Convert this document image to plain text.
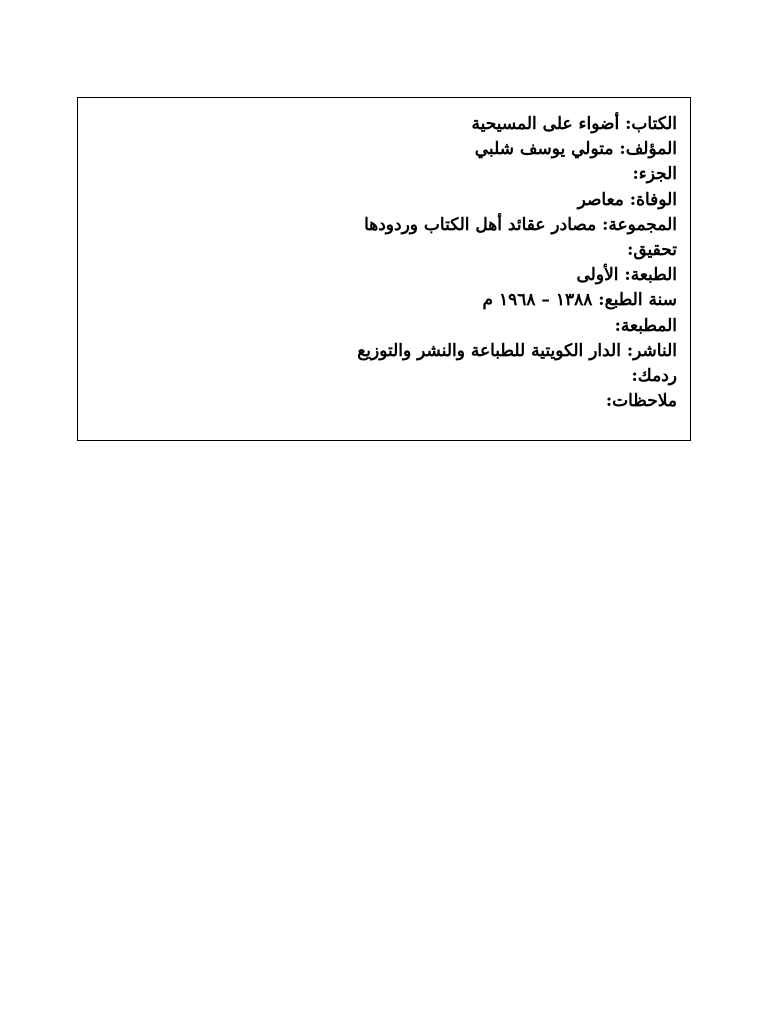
الكتاب: أضواء على المسيحية
المؤلف: متولي يوسف شلبي
الجزء:
الوفاة: معاصر
المجموعة: مصادر عقائد أهل الكتاب وردودها
تحقيق:
الطبعة: الأولى
سنة الطبع: ١٣٨٨ – ١٩٦٨ م
المطبعة:
الناشر: الدار الكويتية للطباعة والنشر والتوزيع
ردمك:
ملاحظات:
